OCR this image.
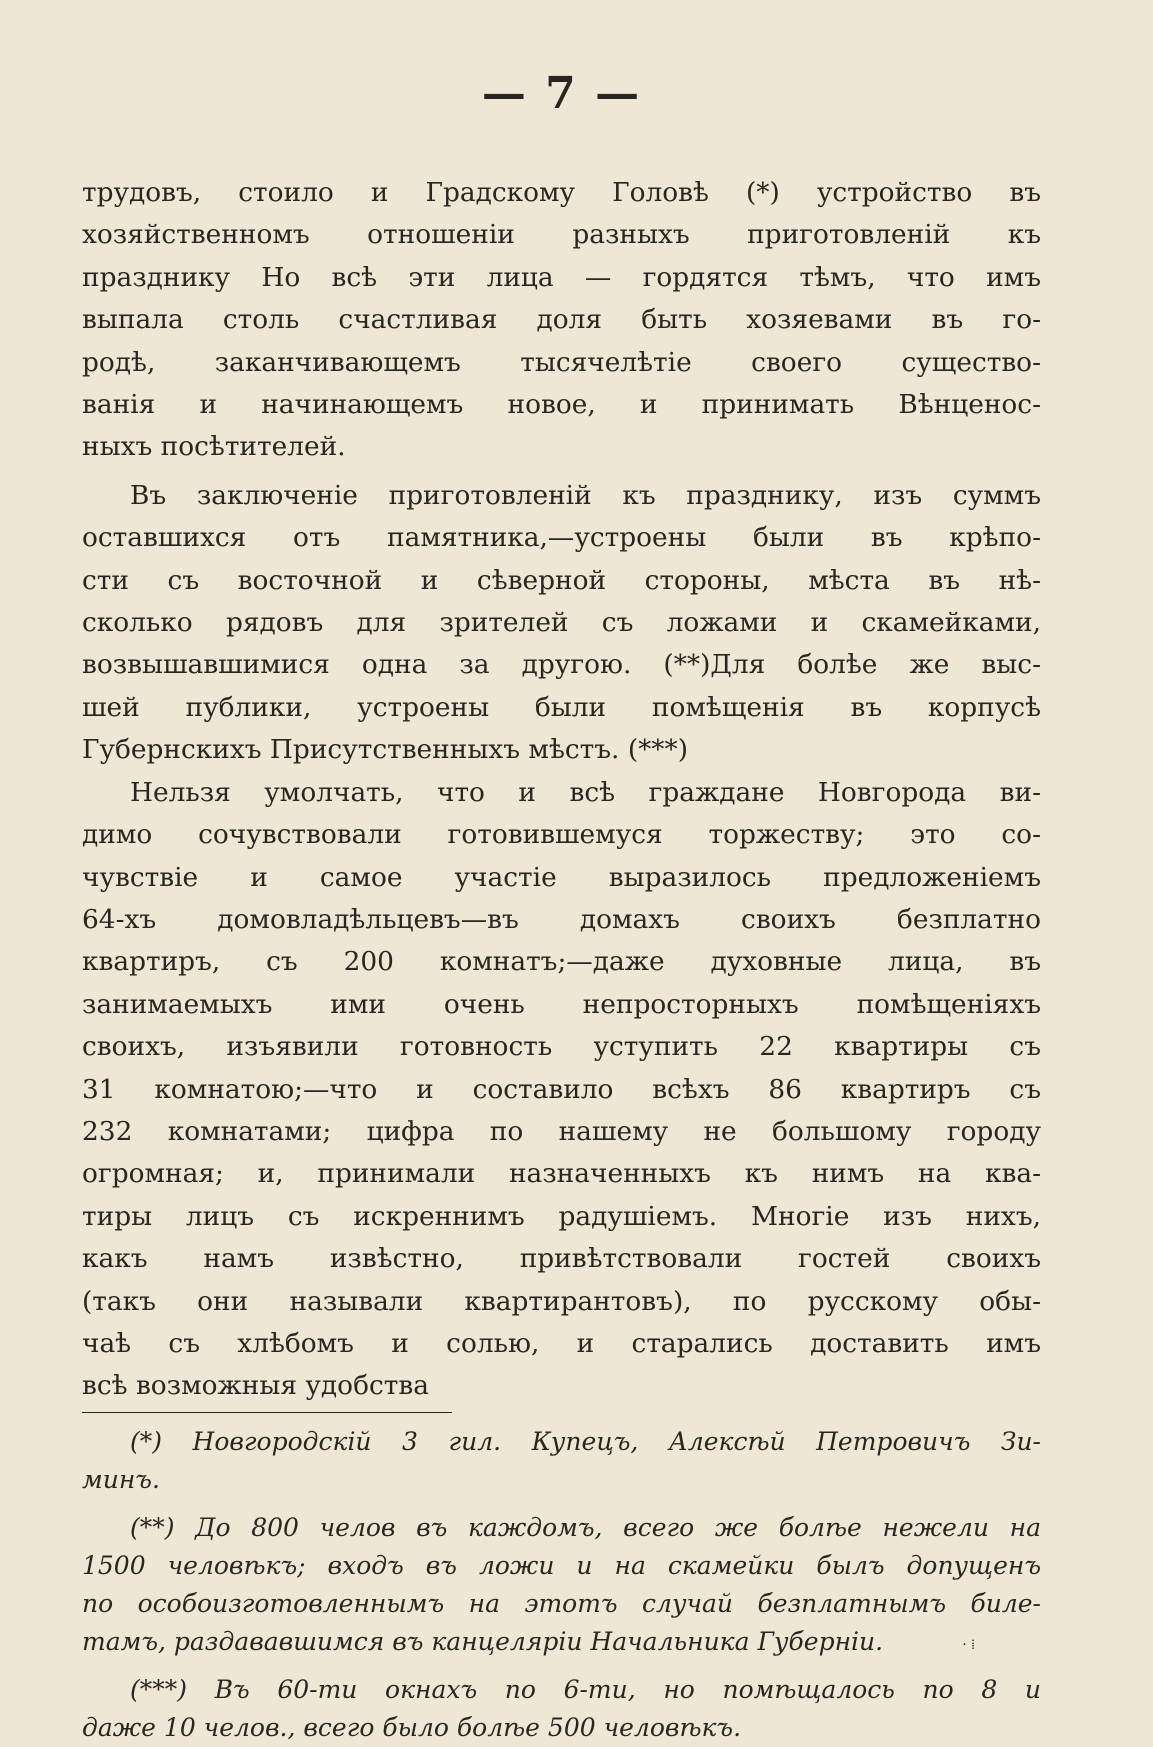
— 7 —
трудовъ, стоило и Градскому Головѣ (*) устройство въ
хозяйственномъ отношеніи разныхъ приготовленій къ
празднику Но всѣ эти лица — гордятся тѣмъ, что имъ
выпала столь счастливая доля быть хозяевами въ го-
родѣ, заканчивающемъ тысячелѣтіе своего существо-
ванія и начинающемъ новое, и принимать Вѣнценос-
ныхъ посѣтителей.
Въ заключеніе приготовленій къ празднику, изъ суммъ
оставшихся отъ памятника,—устроены были въ крѣпо-
сти съ восточной и сѣверной стороны, мѣста въ нѣ-
сколько рядовъ для зрителей съ ложами и скамейками,
возвышавшимися одна за другою. (**)Для болѣе же выс-
шей публики, устроены были помѣщенія въ корпусѣ
Губернскихъ Присутственныхъ мѣстъ. (***)
Нельзя умолчать, что и всѣ граждане Новгорода ви-
димо сочувствовали готовившемуся торжеству; это со-
чувствіе и самое участіе выразилось предложеніемъ
64-хъ домовладѣльцевъ—въ домахъ своихъ безплатно
квартиръ, съ 200 комнатъ;—даже духовные лица, въ
занимаемыхъ ими очень непросторныхъ помѣщеніяхъ
своихъ, изъявили готовность уступить 22 квартиры съ
31 комнатою;—что и составило всѣхъ 86 квартиръ съ
232 комнатами; цифра по нашему не большому городу
огромная; и, принимали назначенныхъ къ нимъ на ква-
тиры лицъ съ искреннимъ радушіемъ. Многіе изъ нихъ,
какъ намъ извѣстно, привѣтствовали гостей своихъ
(такъ они называли квартирантовъ), по русскому обы-
чаѣ съ хлѣбомъ и солью, и старались доставить имъ
всѣ возможныя удобства
(*) Новгородскій 3 гил. Купецъ, Алексѣй Петровичъ Зи-
минъ.
(**) До 800 челов въ каждомъ, всего же болѣе нежели на
1500 человѣкъ; входъ въ ложи и на скамейки былъ допущенъ
по особоизготовленнымъ на этотъ случай безплатнымъ биле-
тамъ, раздававшимся въ канцеляріи Начальника Губерніи.
(***) Въ 60-ти окнахъ по 6-ти, но помѣщалось по 8 и
даже 10 челов., всего было болѣе 500 человѣкъ.
· ⁞
